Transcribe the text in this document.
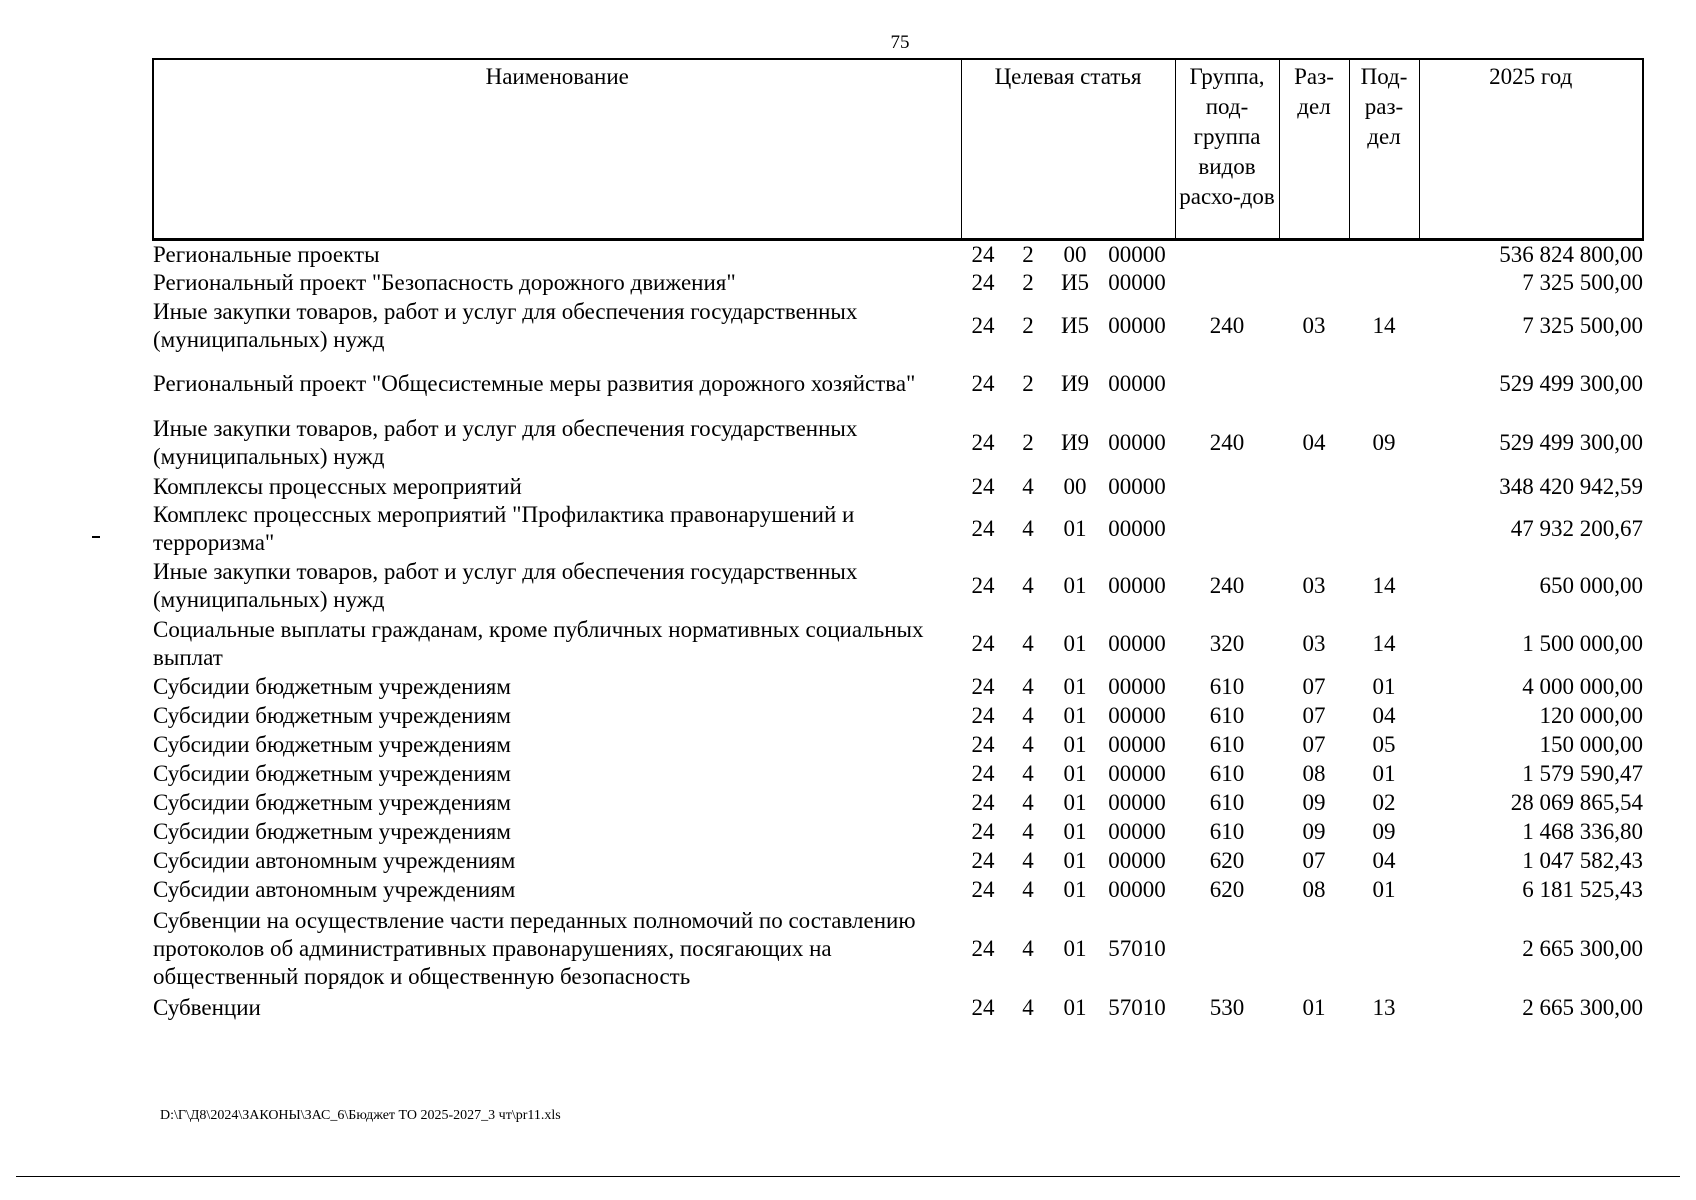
75
Наименование	Целевая статья				Группа, под-группа видов расхо-дов	Раз-дел	Под-раз-дел	2025 год
Региональные проекты	24	2	00	00000				536 824 800,00
Региональный проект "Безопасность дорожного движения"	24	2	И5	00000				7 325 500,00
Иные закупки товаров, работ и услуг для обеспечения государственных (муниципальных) нужд	24	2	И5	00000	240	03	14	7 325 500,00
Региональный проект "Общесистемные меры развития дорожного хозяйства"	24	2	И9	00000				529 499 300,00
Иные закупки товаров, работ и услуг для обеспечения государственных (муниципальных) нужд	24	2	И9	00000	240	04	09	529 499 300,00
Комплексы процессных мероприятий	24	4	00	00000				348 420 942,59
Комплекс процессных мероприятий "Профилактика правонарушений и терроризма"	24	4	01	00000				47 932 200,67
Иные закупки товаров, работ и услуг для обеспечения государственных (муниципальных) нужд	24	4	01	00000	240	03	14	650 000,00
Социальные выплаты гражданам, кроме публичных нормативных социальных выплат	24	4	01	00000	320	03	14	1 500 000,00
Субсидии бюджетным учреждениям	24	4	01	00000	610	07	01	4 000 000,00
Субсидии бюджетным учреждениям	24	4	01	00000	610	07	04	120 000,00
Субсидии бюджетным учреждениям	24	4	01	00000	610	07	05	150 000,00
Субсидии бюджетным учреждениям	24	4	01	00000	610	08	01	1 579 590,47
Субсидии бюджетным учреждениям	24	4	01	00000	610	09	02	28 069 865,54
Субсидии бюджетным учреждениям	24	4	01	00000	610	09	09	1 468 336,80
Субсидии автономным учреждениям	24	4	01	00000	620	07	04	1 047 582,43
Субсидии автономным учреждениям	24	4	01	00000	620	08	01	6 181 525,43
Субвенции на осуществление части переданных полномочий по составлению протоколов об административных правонарушениях, посягающих на общественный порядок и общественную безопасность	24	4	01	57010				2 665 300,00
Субвенции	24	4	01	57010	530	01	13	2 665 300,00
D:\Г\Д8\2024\ЗАКОНЫ\ЗАС_6\Бюджет ТО 2025-2027_3 чт\pr11.xls
